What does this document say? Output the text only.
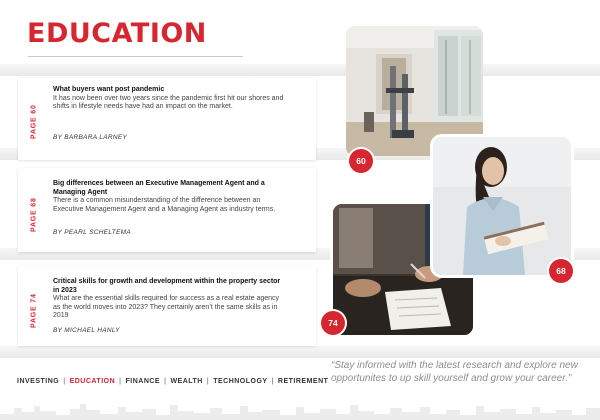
EDUCATION
PAGE 60
What buyers want post pandemic
It has now been over two years since the pandemic first hit our shores and shifts in lifestyle needs have had an impact on the market.
BY BARBARA LARNEY
PAGE 68
Big differences between an Executive Management Agent and a Managing Agent
There is a common misunderstanding of the difference between an Executive Management Agent and a Managing Agent as industry terms.
BY PEARL SCHELTEMA
PAGE 74
Critical skills for growth and development within the property sector in 2023
What are the essential skills required for success as a real estate agency as the world moves into 2023? They certainly aren’t the same skills as in 2019
BY MICHAEL HANLY
60
74
68
INVESTING | EDUCATION | FINANCE | WEALTH | TECHNOLOGY | RETIREMENT
“Stay informed with the latest research and explore new opportunites to up skill yourself and grow your career.”
